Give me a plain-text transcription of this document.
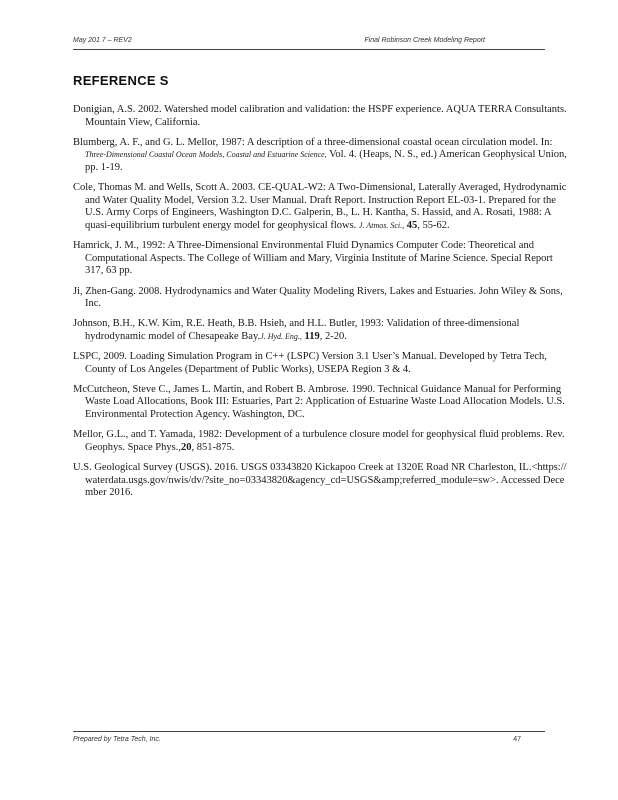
May 201 7 – REV2	Final Robinson Creek Modeling Report
REFERENCE S

Donigian, A.S. 2002. Watershed model calibration and validation: the HSPF experience. AQUA TERRA Consultants. Mountain View, California.

Blumberg, A. F., and G. L. Mellor, 1987: A description of a three-dimensional coastal ocean circulation model. In: Three-Dimensional Coastal Ocean Models, Coastal and Estuarine Science, Vol. 4. (Heaps, N. S., ed.) American Geophysical Union, pp. 1-19.

Cole, Thomas M. and Wells, Scott A. 2003. CE-QUAL-W2: A Two-Dimensional, Laterally Averaged, Hydrodynamic and Water Quality Model, Version 3.2. User Manual. Draft Report. Instruction Report EL-03-1. Prepared for the U.S. Army Corps of Engineers, Washington D.C. Galperin, B., L. H. Kantha, S. Hassid, and A. Rosati, 1988: A quasi-equilibrium turbulent energy model for geophysical flows. J. Atmos. Sci., 45, 55-62.

Hamrick, J. M., 1992: A Three-Dimensional Environmental Fluid Dynamics Computer Code: Theoretical and Computational Aspects. The College of William and Mary, Virginia Institute of Marine Science. Special Report 317, 63 pp.

Ji, Zhen-Gang. 2008. Hydrodynamics and Water Quality Modeling Rivers, Lakes and Estuaries. John Wiley & Sons, Inc.

Johnson, B.H., K.W. Kim, R.E. Heath, B.B. Hsieh, and H.L. Butler, 1993: Validation of three-dimensional hydrodynamic model of Chesapeake Bay.J. Hyd. Eng., 119, 2-20.

LSPC, 2009. Loading Simulation Program in C++ (LSPC) Version 3.1 User’s Manual. Developed by Tetra Tech, County of Los Angeles (Department of Public Works), USEPA Region 3 & 4.

McCutcheon, Steve C., James L. Martin, and Robert B. Ambrose. 1990. Technical Guidance Manual for Performing Waste Load Allocations, Book III: Estuaries, Part 2: Application of Estuarine Waste Load Allocation Models. U.S. Environmental Protection Agency. Washington, DC.

Mellor, G.L., and T. Yamada, 1982: Development of a turbulence closure model for geophysical fluid problems. Rev. Geophys. Space Phys.,20, 851-875.

U.S. Geological Survey (USGS). 2016. USGS 03343820 Kickapoo Creek at 1320E Road NR Charleston, IL.<https://waterdata.usgs.gov/nwis/dv/?site_no=03343820&agency_cd=USGS&amp;referred_module=sw>. Accessed December 2016.

Prepared by Tetra Tech, Inc.	47
